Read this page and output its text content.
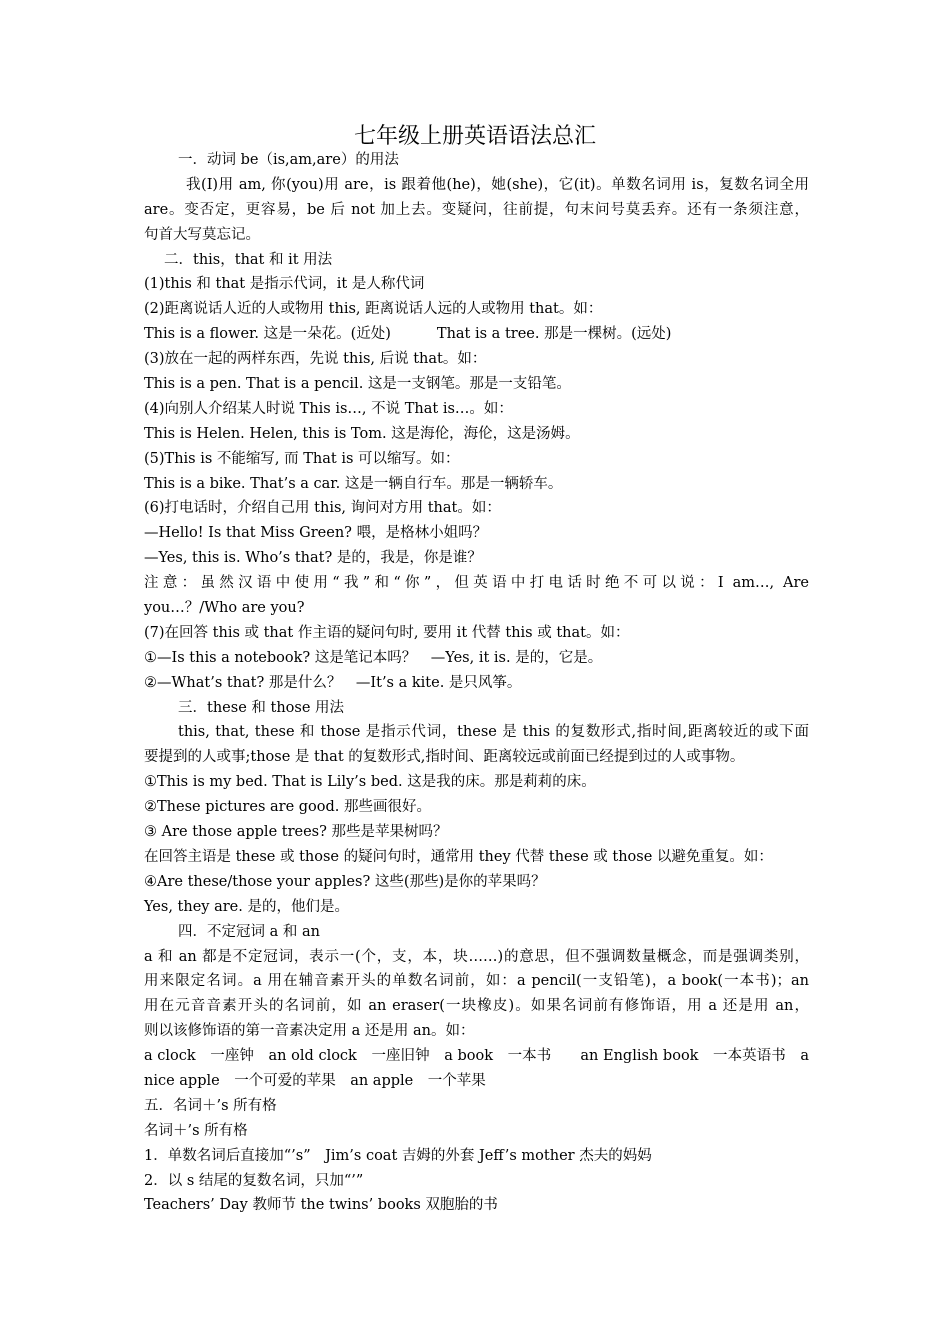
七年级上册英语语法总汇
一．动词 be（is,am,are）的用法
我(I)用 am, 你(you)用 are，is 跟着他(he)，她(she)，它(it)。单数名词用 is，复数名词全用
are。变否定，更容易，be 后 not 加上去。变疑问，往前提，句末问号莫丢弃。还有一条须注意，
句首大写莫忘记。
二．this，that 和 it 用法
(1)this 和 that 是指示代词，it 是人称代词
(2)距离说话人近的人或物用 this, 距离说话人远的人或物用 that。如：
This is a flower. 这是一朵花。(近处)	That is a tree. 那是一棵树。(远处)
(3)放在一起的两样东西，先说 this, 后说 that。如：
This is a pen. That is a pencil. 这是一支钢笔。那是一支铅笔。
(4)向别人介绍某人时说 This is…, 不说 That is…。如：
This is Helen. Helen, this is Tom. 这是海伦，海伦，这是汤姆。
(5)This is 不能缩写, 而 That is 可以缩写。如：
This is a bike. That’s a car. 这是一辆自行车。那是一辆轿车。
(6)打电话时，介绍自己用 this, 询问对方用 that。如：
—Hello! Is that Miss Green? 喂，是格林小姐吗？
—Yes, this is. Who’s that? 是的，我是，你是谁？
注意：虽然汉语中使用“我”和“你”，但英语中打电话时绝不可以说：I am…, Are
you…？/Who are you?
(7)在回答 this 或 that 作主语的疑问句时, 要用 it 代替 this 或 that。如：
①—Is this a notebook? 这是笔记本吗？　—Yes, it is. 是的，它是。
②—What’s that? 那是什么？　—It’s a kite. 是只风筝。
三．these 和 those 用法
this, that, these 和 those 是指示代词，these 是 this 的复数形式,指时间,距离较近的或下面
要提到的人或事;those 是 that 的复数形式,指时间、距离较远或前面已经提到过的人或事物。
①This is my bed. That is Lily’s bed. 这是我的床。那是莉莉的床。
②These pictures are good. 那些画很好。
③ Are those apple trees? 那些是苹果树吗？
在回答主语是 these 或 those 的疑问句时，通常用 they 代替 these 或 those 以避免重复。如：
④Are these/those your apples? 这些(那些)是你的苹果吗？
Yes, they are. 是的，他们是。
四．不定冠词 a 和 an
a 和 an 都是不定冠词，表示一(个，支，本，块……)的意思，但不强调数量概念，而是强调类别，
用来限定名词。a 用在辅音素开头的单数名词前，如：a pencil(一支铅笔)，a book(一本书)；an
用在元音音素开头的名词前，如 an eraser(一块橡皮)。如果名词前有修饰语，用 a 还是用 an，
则以该修饰语的第一音素决定用 a 还是用 an。如：
a clock　一座钟　an old clock　一座旧钟　a book　一本书　　an English book　一本英语书　a
nice apple　一个可爱的苹果　an apple　一个苹果
五．名词＋’s 所有格
名词＋’s 所有格
1．单数名词后直接加“’s”　Jim’s coat 吉姆的外套 Jeff’s mother 杰夫的妈妈
2．以 s 结尾的复数名词，只加“’”
Teachers’ Day 教师节 the twins’ books 双胞胎的书
